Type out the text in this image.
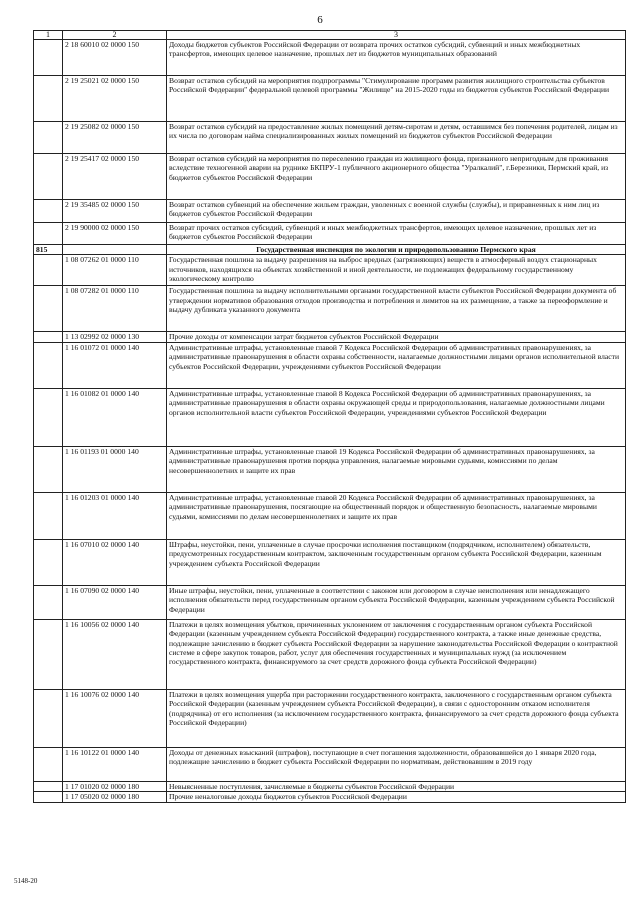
6
1	2	3
	2 18 60010 02 0000 150	Доходы бюджетов субъектов Российской Федерации от возврата прочих остатков субсидий, субвенций и иных межбюджетных трансфертов, имеющих целевое назначение, прошлых лет из бюджетов муниципальных образований
	2 19 25021 02 0000 150	Возврат остатков субсидий на мероприятия подпрограммы "Стимулирование программ развития жилищного строительства субъектов Российской Федерации" федеральной целевой программы "Жилище" на 2015-2020 годы из бюджетов субъектов Российской Федерации
	2 19 25082 02 0000 150	Возврат остатков субсидий на предоставление жилых помещений детям-сиротам и детям, оставшимся без попечения родителей, лицам из их числа по договорам найма специализированных жилых помещений из бюджетов субъектов Российской Федерации
	2 19 25417 02 0000 150	Возврат остатков субсидий на мероприятия по переселению граждан из жилищного фонда, признанного непригодным для проживания вследствие техногенной аварии на руднике БКПРУ-1 публичного акционерного общества "Уралкалий", г.Березники, Пермский край, из бюджетов субъектов Российской Федерации
	2 19 35485 02 0000 150	Возврат остатков субвенций на обеспечение жильем граждан, уволенных с военной службы (службы), и приравненных к ним лиц из бюджетов субъектов Российской Федерации
	2 19 90000 02 0000 150	Возврат прочих остатков субсидий, субвенций и иных межбюджетных трансфертов, имеющих целевое назначение, прошлых лет из бюджетов субъектов Российской Федерации
815		Государственная инспекция по экологии и природопользованию Пермского края
	1 08 07262 01 0000 110	Государственная пошлина за выдачу разрешения на выброс вредных (загрязняющих) веществ в атмосферный воздух стационарных источников, находящихся на объектах хозяйственной и иной деятельности, не подлежащих федеральному государственному экологическому контролю
	1 08 07282 01 0000 110	Государственная пошлина за выдачу исполнительными органами государственной власти субъектов Российской Федерации документа об утверждении нормативов образования отходов производства и потребления и лимитов на их размещение, а также за переоформление и выдачу дубликата указанного документа
	1 13 02992 02 0000 130	Прочие доходы от компенсации затрат бюджетов субъектов Российской Федерации
	1 16 01072 01 0000 140	Административные штрафы, установленные главой 7 Кодекса Российской Федерации об административных правонарушениях, за административные правонарушения в области охраны собственности, налагаемые должностными лицами органов исполнительной власти субъектов Российской Федерации, учреждениями субъектов Российской Федерации
	1 16 01082 01 0000 140	Административные штрафы, установленные главой 8 Кодекса Российской Федерации об административных правонарушениях, за административные правонарушения в области охраны окружающей среды и природопользования, налагаемые должностными лицами органов исполнительной власти субъектов Российской Федерации, учреждениями субъектов Российской Федерации
	1 16 01193 01 0000 140	Административные штрафы, установленные главой 19 Кодекса Российской Федерации об административных правонарушениях, за административные правонарушения против порядка управления, налагаемые мировыми судьями, комиссиями по делам несовершеннолетних и защите их прав
	1 16 01203 01 0000 140	Административные штрафы, установленные главой 20 Кодекса Российской Федерации об административных правонарушениях, за административные правонарушения, посягающие на общественный порядок и общественную безопасность, налагаемые мировыми судьями, комиссиями по делам несовершеннолетних и защите их прав
	1 16 07010 02 0000 140	Штрафы, неустойки, пени, уплаченные в случае просрочки исполнения поставщиком (подрядчиком, исполнителем) обязательств, предусмотренных государственным контрактом, заключенным государственным органом субъекта Российской Федерации, казенным учреждением субъекта Российской Федерации
	1 16 07090 02 0000 140	Иные штрафы, неустойки, пени, уплаченные в соответствии с законом или договором в случае неисполнения или ненадлежащего исполнения обязательств перед государственным органом субъекта Российской Федерации, казенным учреждением субъекта Российской Федерации
	1 16 10056 02 0000 140	Платежи в целях возмещения убытков, причиненных уклонением от заключения с государственным органом субъекта Российской Федерации (казенным учреждением субъекта Российской Федерации) государственного контракта, а также иные денежные средства, подлежащие зачислению в бюджет субъекта Российской Федерации за нарушение законодательства Российской Федерации о контрактной системе в сфере закупок товаров, работ, услуг для обеспечения государственных и муниципальных нужд (за исключением государственного контракта, финансируемого за счет средств дорожного фонда субъекта Российской Федерации)
	1 16 10076 02 0000 140	Платежи в целях возмещения ущерба при расторжении государственного контракта, заключенного с государственным органом субъекта Российской Федерации (казенным учреждением субъекта Российской Федерации), в связи с односторонним отказом исполнителя (подрядчика) от его исполнения (за исключением государственного контракта, финансируемого за счет средств дорожного фонда субъекта Российской Федерации)
	1 16 10122 01 0000 140	Доходы от денежных взысканий (штрафов), поступающие в счет погашения задолженности, образовавшейся до 1 января 2020 года, подлежащие зачислению в бюджет субъекта Российской Федерации по нормативам, действовавшим в 2019 году
	1 17 01020 02 0000 180	Невыясненные поступления, зачисляемые в бюджеты субъектов Российской Федерации
	1 17 05020 02 0000 180	Прочие неналоговые доходы бюджетов субъектов Российской Федерации
5148-20
